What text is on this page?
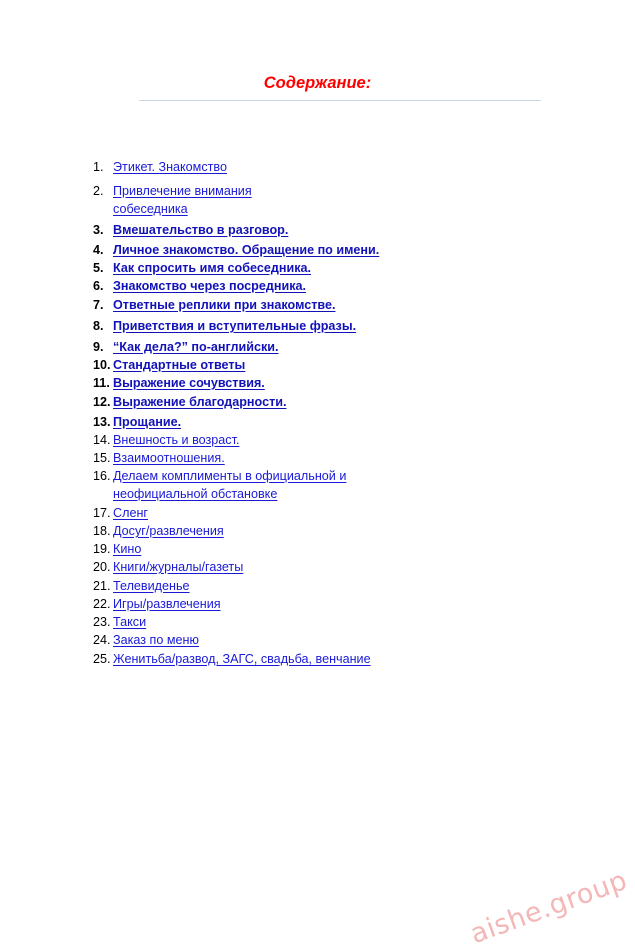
Содержание:
1. Этикет. Знакомство
2. Привлечение внимания собеседника
3. Вмешательство в разговор.
4. Личное знакомство. Обращение по имени.
5. Как спросить имя собеседника.
6. Знакомство через посредника.
7. Ответные реплики при знакомстве.
8. Приветствия и вступительные фразы.
9. “Как дела?” по-английски.
10. Стандартные ответы
11. Выражение сочувствия.
12. Выражение благодарности.
13. Прощание.
14. Внешность и возраст.
15. Взаимоотношения.
16. Делаем комплименты в официальной и неофициальной обстановке
17. Сленг
18. Досуг/развлечения
19. Кино
20. Книги/журналы/газеты
21. Телевиденье
22. Игры/развлечения
23. Такси
24. Заказ по меню
25. Женитьба/развод, ЗАГС, свадьба, венчание
aishe.group
